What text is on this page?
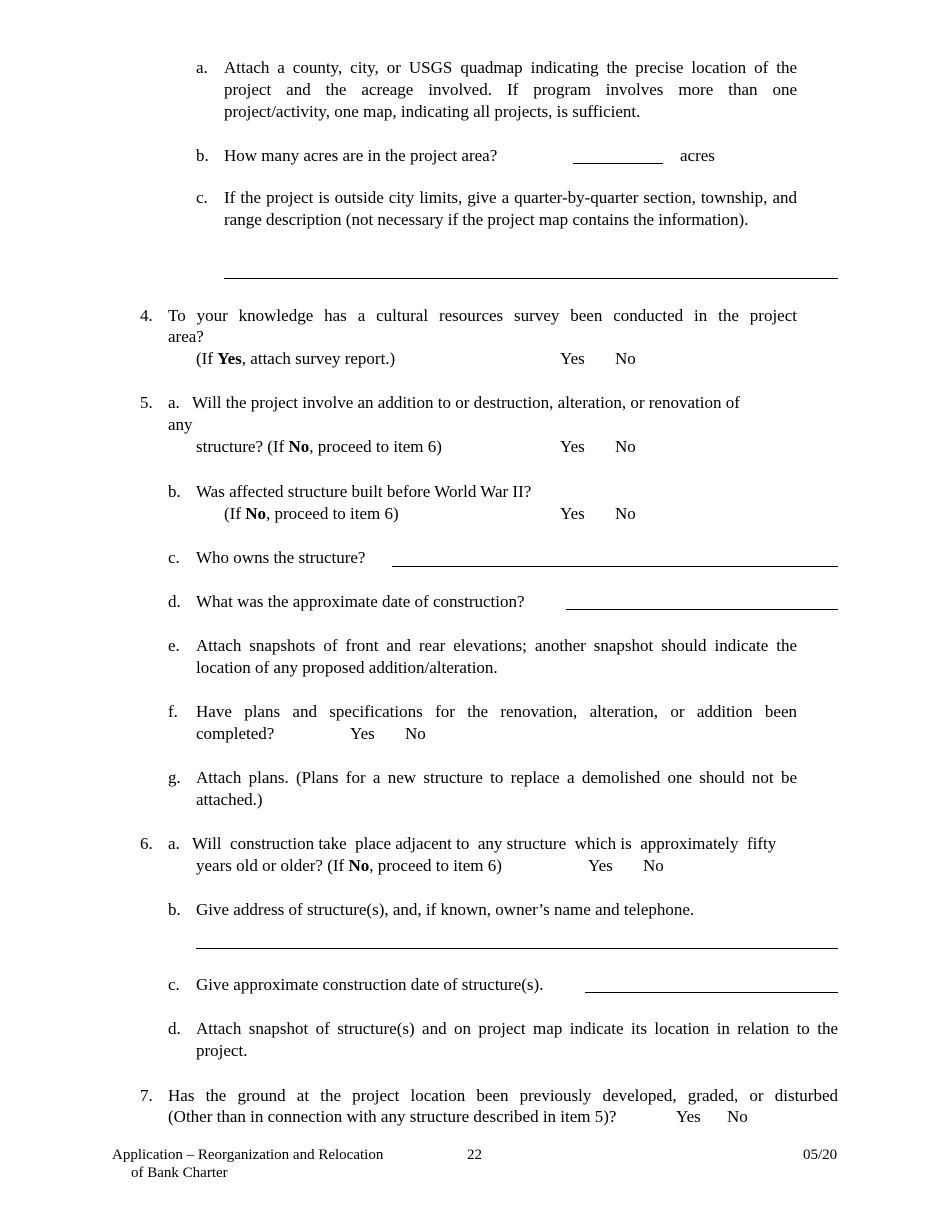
a. Attach a county, city, or USGS quadmap indicating the precise location of the project and the acreage involved. If program involves more than one project/activity, one map, indicating all projects, is sufficient.
b. How many acres are in the project area?	acres
c. If the project is outside city limits, give a quarter-by-quarter section, township, and range description (not necessary if the project map contains the information).
4. To your knowledge has a cultural resources survey been conducted in the project
area?
(If Yes, attach survey report.)	Yes No
5. a. Will the project involve an addition to or destruction, alteration, or renovation of
any
structure? (If No, proceed to item 6)	Yes No
b. Was affected structure built before World War II?
(If No, proceed to item 6)	Yes No
c. Who owns the structure?
d. What was the approximate date of construction?
e. Attach snapshots of front and rear elevations; another snapshot should indicate the location of any proposed addition/alteration.
f. Have plans and specifications for the renovation, alteration, or addition been
completed?	Yes No
g. Attach plans. (Plans for a new structure to replace a demolished one should not be attached.)
6. a. Will  construction take  place adjacent to  any structure  which is  approximately  fifty
years old or older? (If No, proceed to item 6)	Yes No
b. Give address of structure(s), and, if known, owner’s name and telephone.
c. Give approximate construction date of structure(s).
d. Attach snapshot of structure(s) and on project map indicate its location in relation to the project.
7. Has the ground at the project location been previously developed, graded, or disturbed
(Other than in connection with any structure described in item 5)?	Yes No
Application – Reorganization and Relocation
of Bank Charter
22	05/20
